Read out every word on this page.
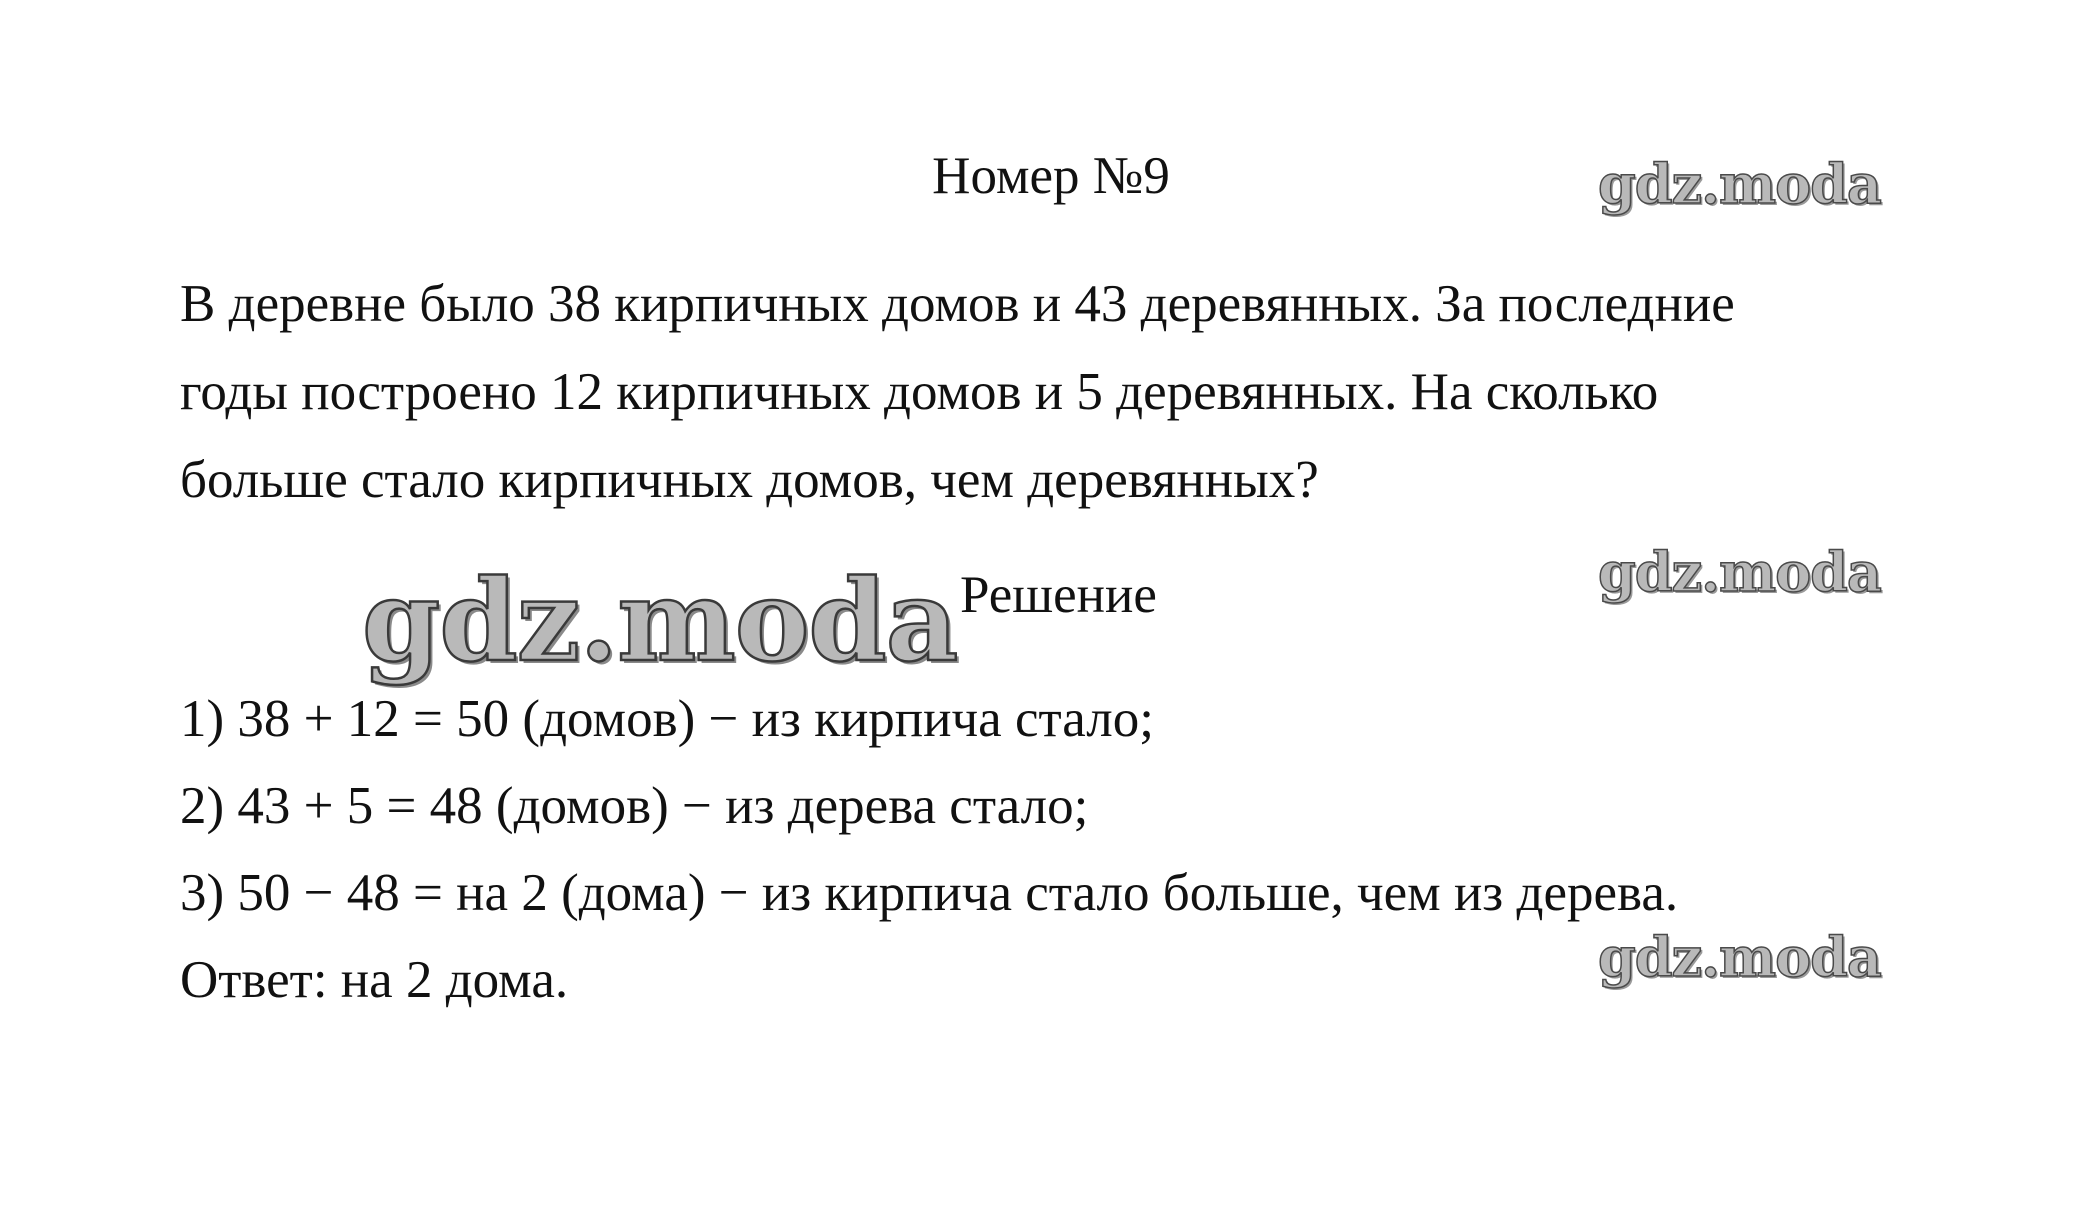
Номер №9
В деревне было 38 кирпичных домов и 43 деревянных. За последние
годы построено 12 кирпичных домов и 5 деревянных. На сколько
больше стало кирпичных домов, чем деревянных?
Решение
1) 38 + 12 = 50 (домов) − из кирпича стало;
2) 43 + 5 = 48 (домов) − из дерева стало;
3) 50 − 48 = на 2 (дома) − из кирпича стало больше, чем из дерева.
Ответ: на 2 дома.
gdz.moda
gdz.moda
gdz.moda
gdz.moda
